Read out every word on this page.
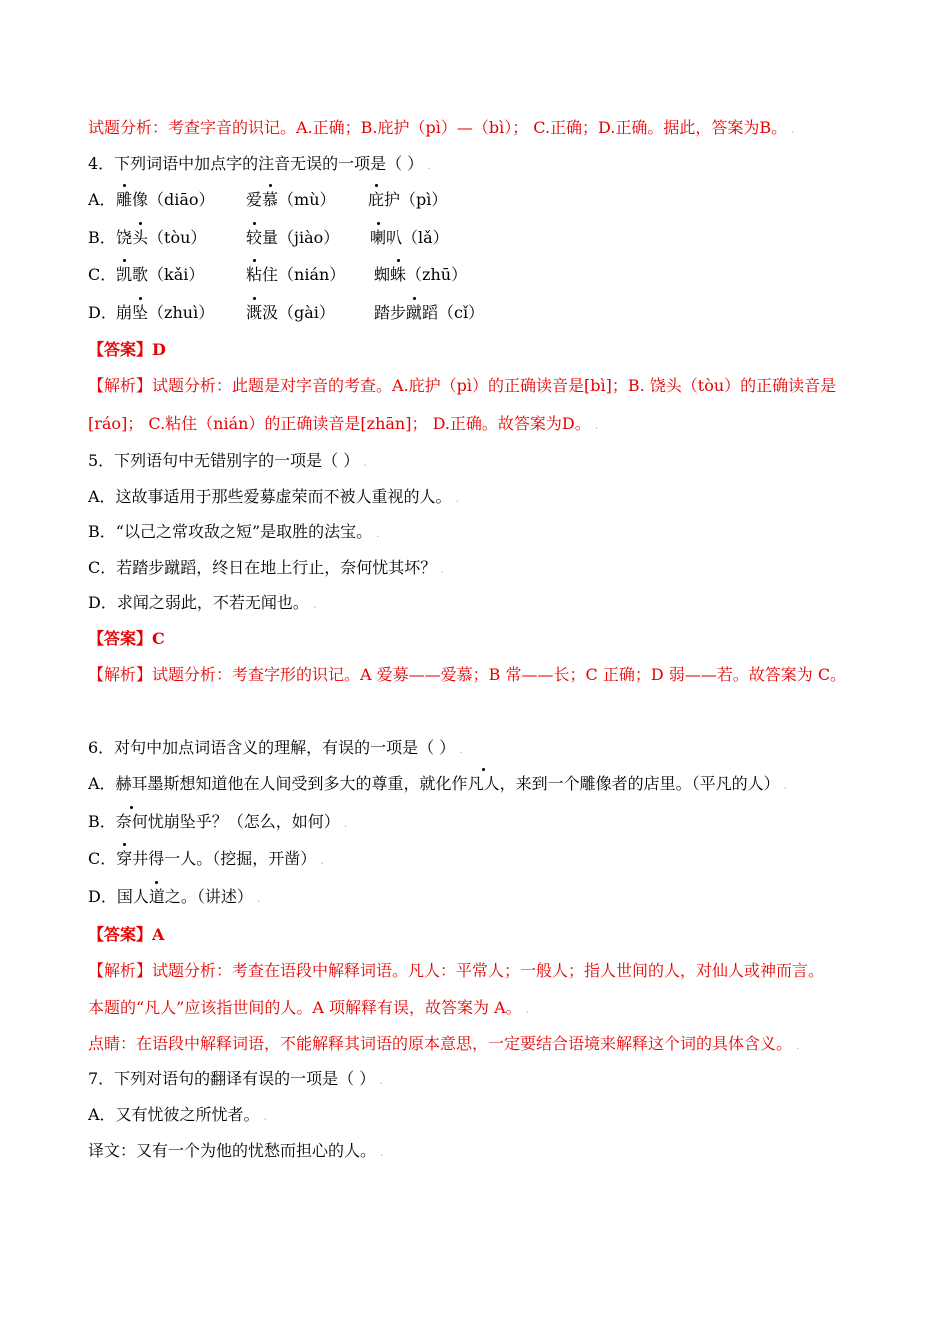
试题分析：考查字音的识记。A.正确；B.庇护（pì）—（bì）； C.正确；D.正确。据此，答案为B。 .
4．下列词语中加点字的注音无误的一项是（ ） .
A． 雕像（diāo） 爱慕（mù） 庇护（pì）
B． 饶头（tòu） 较量（jiào） 喇叭（lǎ）
C． 凯歌（kǎi）	粘住（nián） 蜘蛛（zhū）
D． 崩坠（zhuì） 溉汲（gài） 踏步蹴蹈（cǐ）
【答案】D
【解析】试题分析：此题是对字音的考查。A.庇护（pì）的正确读音是[bì]；B. 饶头（tòu）的正确读音是
[ráo]； C.粘住（nián）的正确读音是[zhān]； D.正确。故答案为D。 .
5．下列语句中无错别字的一项是（ ） .
A．这故事适用于那些爱募虚荣而不被人重视的人。 .
B．“以己之常攻敌之短”是取胜的法宝。 .
C．若踏步蹴蹈，终日在地上行止，奈何忧其坏？ .
D．求闻之弱此，不若无闻也。 .
【答案】C
【解析】试题分析：考查字形的识记。A 爱募——爱慕；B 常——长；C 正确；D 弱——若。故答案为 C。
6．对句中加点词语含义的理解，有误的一项是（ ） .
A．赫耳墨斯想知道他在人间受到多大的尊重，就化作凡人，来到一个雕像者的店里。（平凡的人） .
B．奈何忧崩坠乎？（怎么，如何） .
C．穿井得一人。（挖掘，开凿） .
D．国人道之。（讲述） .
【答案】A
【解析】试题分析：考查在语段中解释词语。凡人：平常人；一般人；指人世间的人，对仙人或神而言。
本题的“凡人”应该指世间的人。A 项解释有误，故答案为 A。 .
点睛：在语段中解释词语，不能解释其词语的原本意思，一定要结合语境来解释这个词的具体含义。 .
7．下列对语句的翻译有误的一项是（ ） .
A．又有忧彼之所忧者。 .
译文：又有一个为他的忧愁而担心的人。 .
